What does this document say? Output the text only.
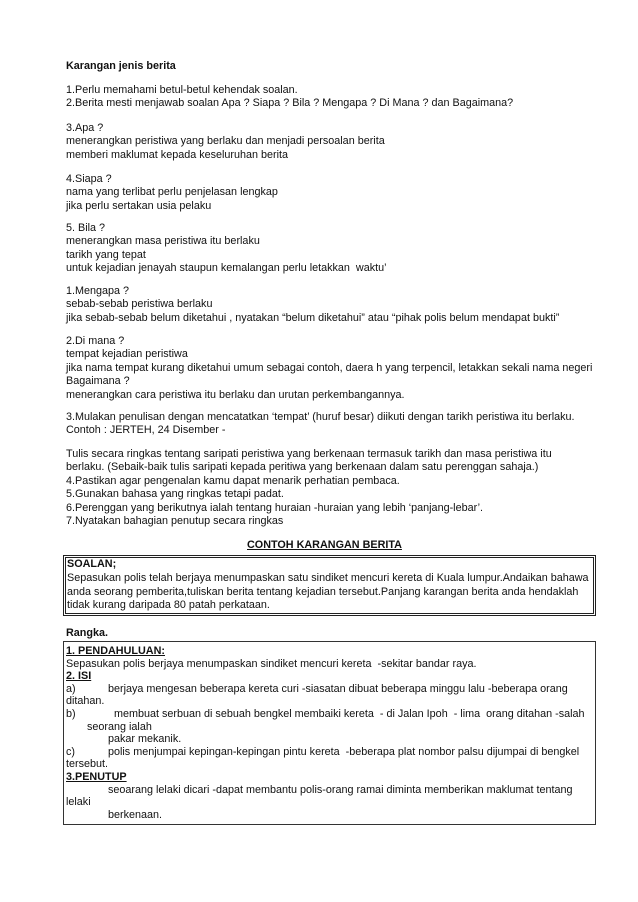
Karangan jenis berita
1.Perlu memahami betul-betul kehendak soalan.
2.Berita mesti menjawab soalan Apa ? Siapa ? Bila ? Mengapa ? Di Mana ? dan Bagaimana?
3.Apa ?
menerangkan peristiwa yang berlaku dan menjadi persoalan berita
memberi maklumat kepada keseluruhan berita
4.Siapa ?
nama yang terlibat perlu penjelasan lengkap
jika perlu sertakan usia pelaku
5. Bila ?
menerangkan masa peristiwa itu berlaku
tarikh yang tepat
untuk kejadian jenayah staupun kemalangan perlu letakkan  waktu’
1.Mengapa ?
sebab-sebab peristiwa berlaku
jika sebab-sebab belum diketahui , nyatakan “belum diketahui” atau “pihak polis belum mendapat bukti”
2.Di mana ?
tempat kejadian peristiwa
jika nama tempat kurang diketahui umum sebagai contoh, daera h yang terpencil, letakkan sekali nama negeri
Bagaimana ?
menerangkan cara peristiwa itu berlaku dan urutan perkembangannya.
3.Mulakan penulisan dengan mencatatkan ‘tempat’ (huruf besar) diikuti dengan tarikh peristiwa itu berlaku.
Contoh : JERTEH, 24 Disember -
Tulis secara ringkas tentang saripati peristiwa yang berkenaan termasuk tarikh dan masa peristiwa itu
berlaku. (Sebaik-baik tulis saripati kepada peritiwa yang berkenaan dalam satu perenggan sahaja.)
4.Pastikan agar pengenalan kamu dapat menarik perhatian pembaca.
5.Gunakan bahasa yang ringkas tetapi padat.
6.Perenggan yang berikutnya ialah tentang huraian -huraian yang lebih ‘panjang-lebar’.
7.Nyatakan bahagian penutup secara ringkas
CONTOH KARANGAN BERITA
SOALAN;
Sepasukan polis telah berjaya menumpaskan satu sindiket mencuri kereta di Kuala lumpur.Andaikan bahawa
anda seorang pemberita,tuliskan berita tentang kejadian tersebut.Panjang karangan berita anda hendaklah
tidak kurang daripada 80 patah perkataan.
Rangka.
1. PENDAHULUAN:
Sepasukan polis berjaya menumpaskan sindiket mencuri kereta  -sekitar bandar raya.
2. ISI
a)	berjaya mengesan beberapa kereta curi -siasatan dibuat beberapa minggu lalu -beberapa orang
ditahan.
b)	membuat serbuan di sebuah bengkel membaiki kereta  - di Jalan Ipoh  - lima  orang ditahan -salah
seorang ialah
pakar mekanik.
c)	polis menjumpai kepingan-kepingan pintu kereta  -beberapa plat nombor palsu dijumpai di bengkel
tersebut.
3.PENUTUP
seoarang lelaki dicari -dapat membantu polis-orang ramai diminta memberikan maklumat tentang
lelaki
berkenaan.
